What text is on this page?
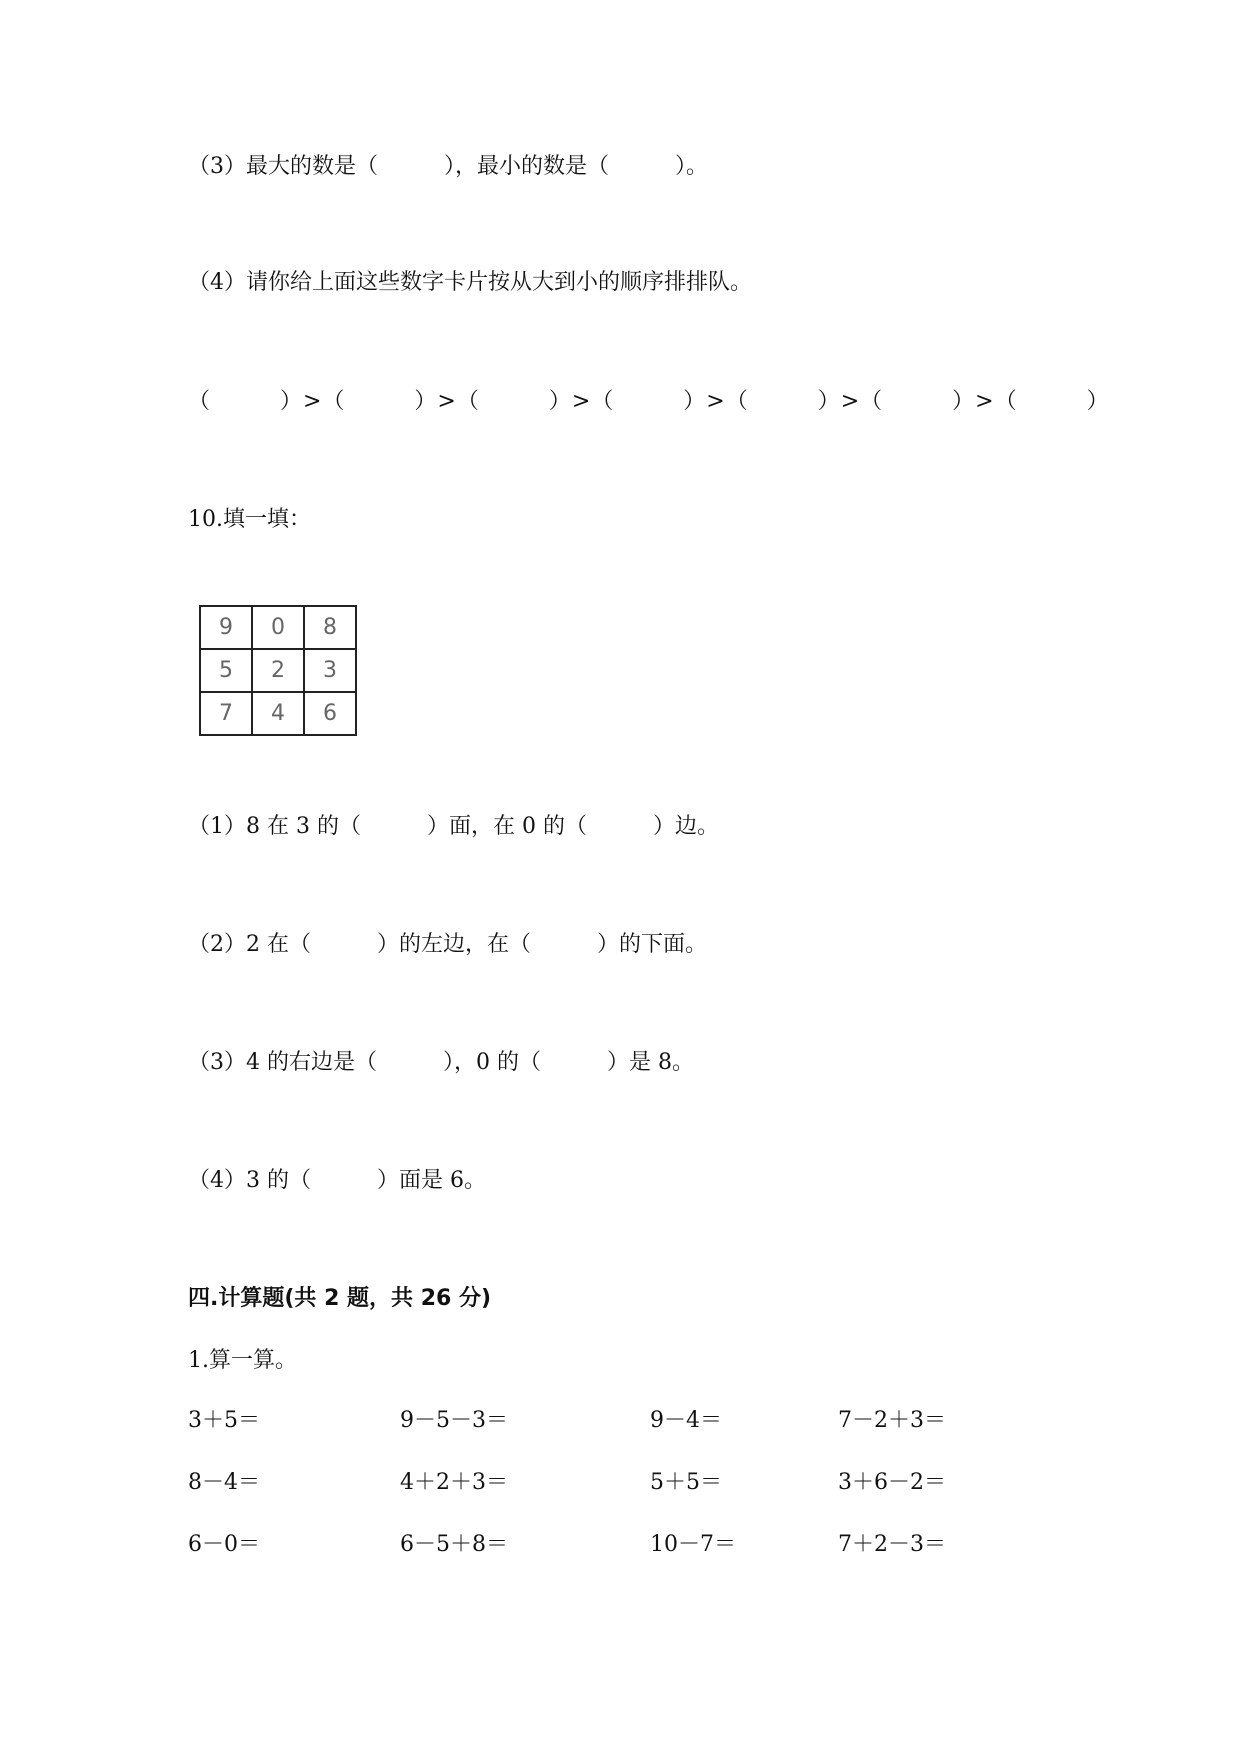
（3）最大的数是（　　　），最小的数是（　　　）。
（4）请你给上面这些数字卡片按从大到小的顺序排排队。
（　　　）>（　　　）>（　　　）>（　　　）>（　　　）>（　　　）>（　　　）
10.填一填：
9	0	8
5	2	3
7	4	6
（1）8 在 3 的（　　　）面，在 0 的（　　　）边。
（2）2 在（　　　）的左边，在（　　　）的下面。
（3）4 的右边是（　　　），0 的（　　　）是 8。
（4）3 的（　　　）面是 6。
四.计算题(共 2 题，共 26 分)
1.算一算。
3＋5＝	9－5－3＝	9－4＝	7－2＋3＝
8－4＝	4＋2＋3＝	5＋5＝	3＋6－2＝
6－0＝	6－5＋8＝	10－7＝	7＋2－3＝
